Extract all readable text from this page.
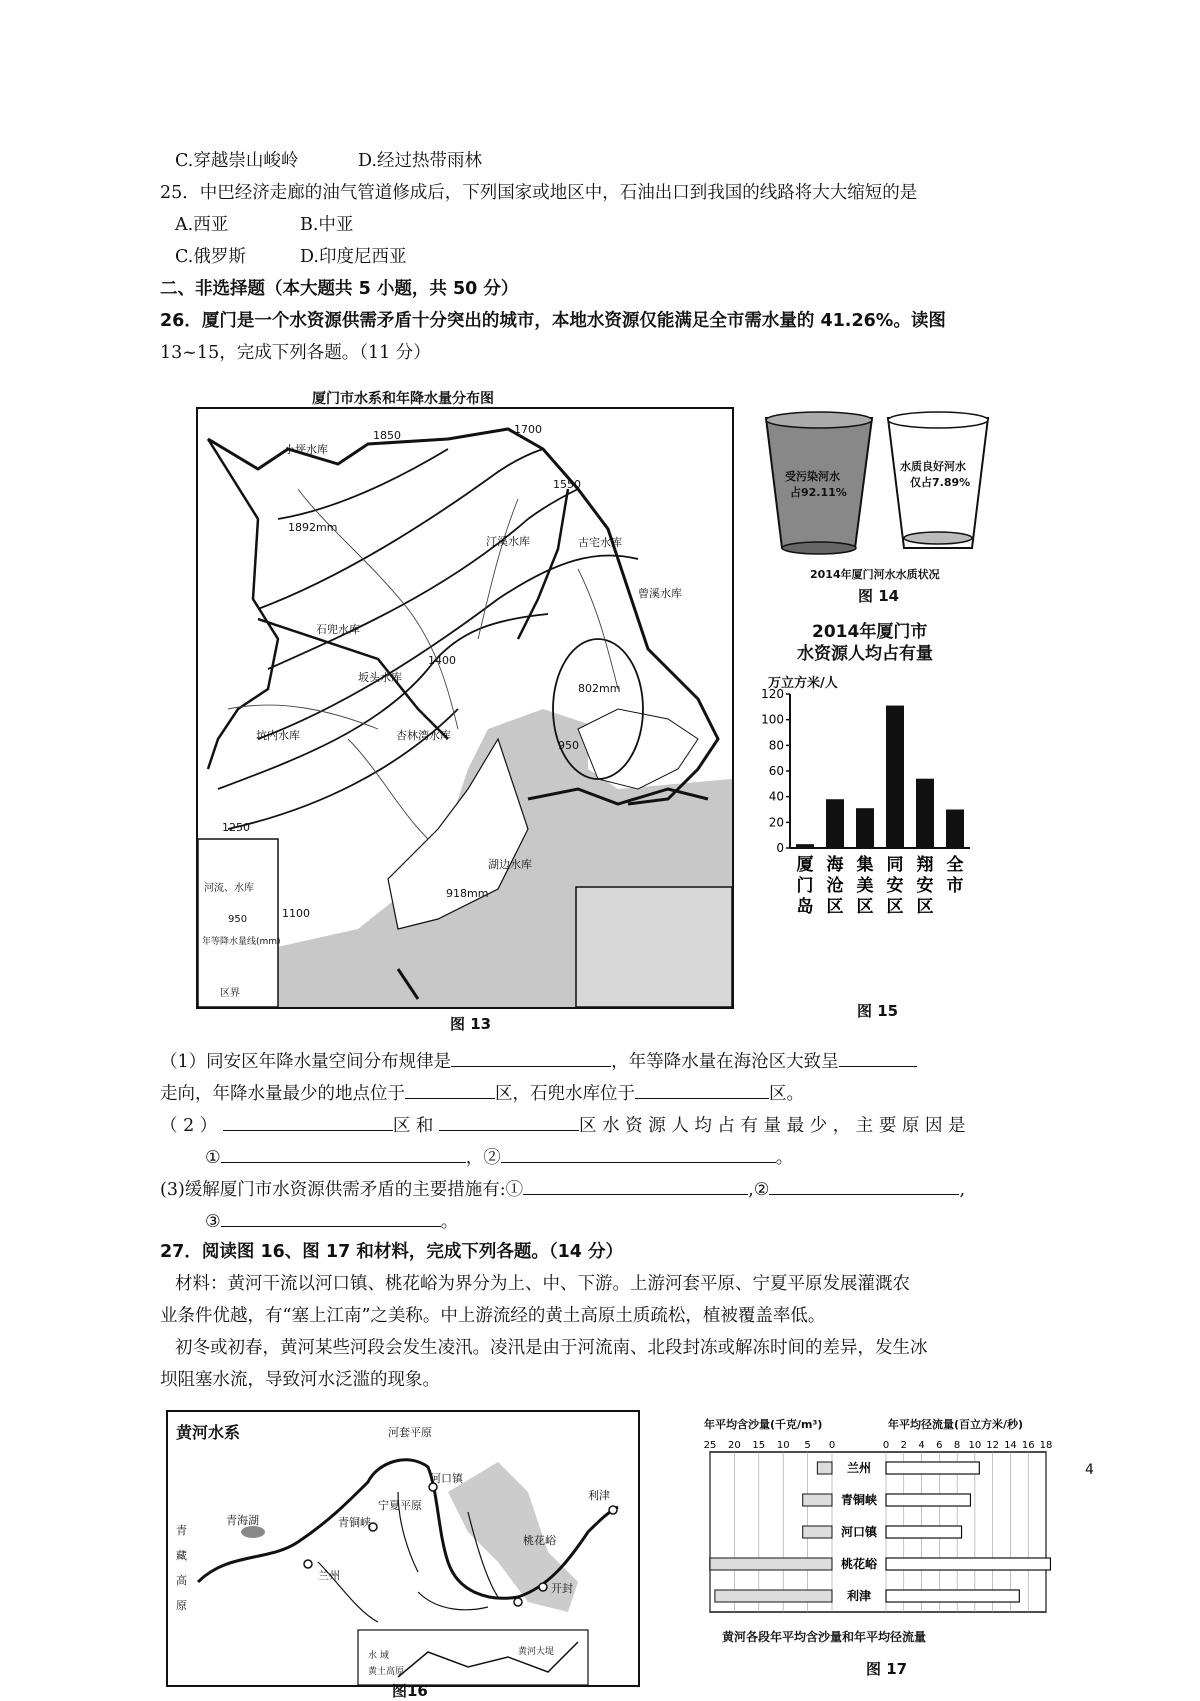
C.穿越崇山峻岭	D.经过热带雨林
25．中巴经济走廊的油气管道修成后，下列国家或地区中，石油出口到我国的线路将大大缩短的是
A.西亚	B.中亚
C.俄罗斯	D.印度尼西亚
二、非选择题（本大题共 5 小题，共 50 分）
26．厦门是一个水资源供需矛盾十分突出的城市，本地水资源仅能满足全市需水量的 41.26%。读图
13~15，完成下列各题。（11 分）
厦门市水系和年降水量分布图
1850	1700
1550
1892mm
1400
802mm
950
1250
918mm
1100
小坪水库
汀溪水库	古宅水库
曾溪水库
石兜水库
坂头水库
坑内水库	杏林湾水库
湖边水库
河流、水库
950
年等降水量线(mm)
区界
图 13
受污染河水
占92.11%
水质良好河水
仅占7.89%
2014年厦门河水水质状况
图 14
2014年厦门市
水资源人均占有量
万立方米/人
0
20
40
60
80
100
120
厦
门
岛
海
沧
区
集
美
区
同
安
区
翔
安
区
全
市
图 15
（1）同安区年降水量空间分布规律是	，年等降水量在海沧区大致呈
走向，年降水量最少的地点位于	区，石兜水库位于	区。
（ 2 ）	区 和	区 水 资 源 人 均 占 有 量 最 少 ， 主 要 原 因 是
①	，②	。
(3)缓解厦门市水资源供需矛盾的主要措施有:①	,②	,
③	。
27．阅读图 16、图 17 和材料，完成下列各题。（14 分）
材料：黄河干流以河口镇、桃花峪为界分为上、中、下游。上游河套平原、宁夏平原发展灌溉农
业条件优越，有“塞上江南”之美称。中上游流经的黄土高原土质疏松，植被覆盖率低。
初冬或初春，黄河某些河段会发生凌汛。凌汛是由于河流南、北段封冻或解冻时间的差异，发生冰
坝阻塞水流，导致河水泛滥的现象。
黄河水系	河套平原
河口镇
青铜峡
宁夏平原
兰州
青海湖
桃花峪
开封
利津
青
藏
高
原
水 域
黄土高原
黄河大堤
图16
年平均含沙量(千克/m³)	年平均径流量(百立方米/秒)
25 20 15 10 5 0	0 2 4 6 8 10 12 14 16 18
兰州
青铜峡
河口镇
桃花峪
利津
黄河各段年平均含沙量和年平均径流量
图 17
4
